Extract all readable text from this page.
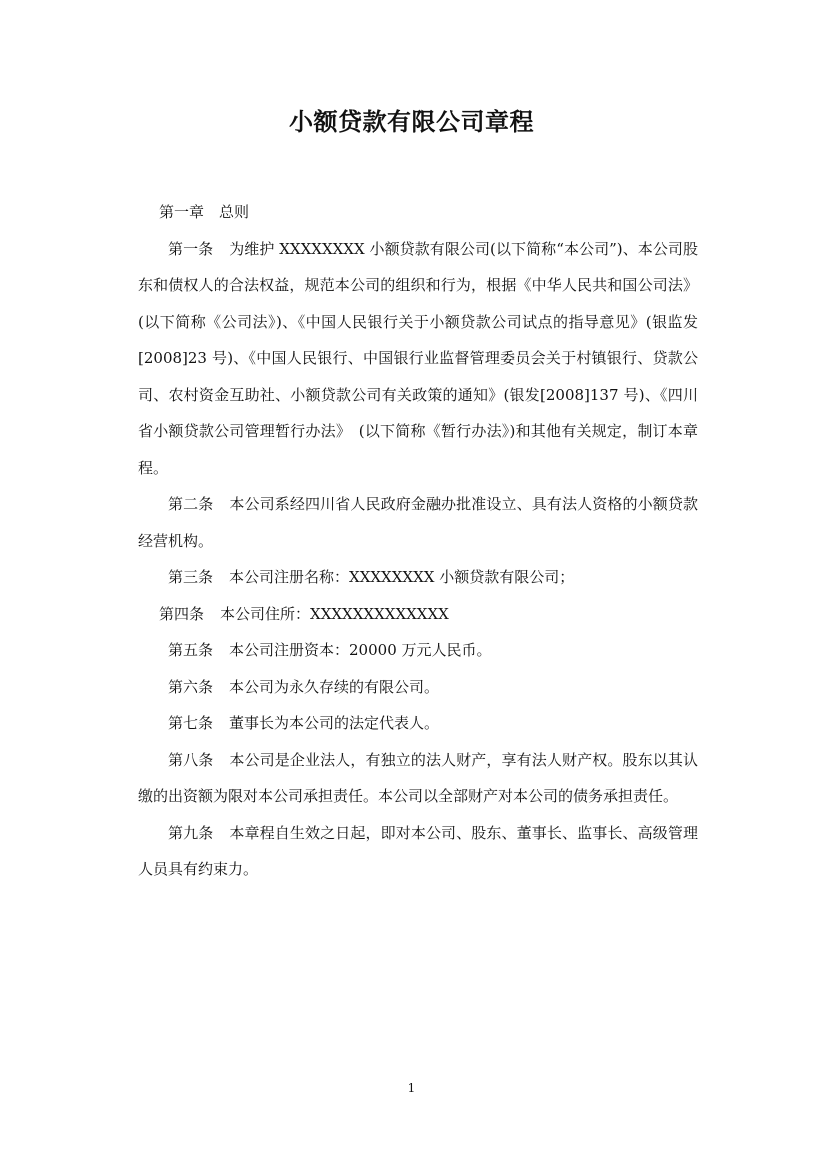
小额贷款有限公司章程

第一章　总则

第一条 为维护 XXXXXXXX 小额贷款有限公司(以下简称“本公司”)、本公司股东和债权人的合法权益，规范本公司的组织和行为，根据《中华人民共和国公司法》(以下简称《公司法》)、《中国人民银行关于小额贷款公司试点的指导意见》(银监发[2008]23 号)、《中国人民银行、中国银行业监督管理委员会关于村镇银行、贷款公司、农村资金互助社、小额贷款公司有关政策的通知》(银发[2008]137 号)、《四川省小额贷款公司管理暂行办法》　(以下简称《暂行办法》)和其他有关规定，制订本章程。

第二条 本公司系经四川省人民政府金融办批准设立、具有法人资格的小额贷款经营机构。

第三条 本公司注册名称：XXXXXXXX 小额贷款有限公司；

第四条 本公司住所：XXXXXXXXXXXXX

第五条 本公司注册资本：20000 万元人民币。

第六条 本公司为永久存续的有限公司。

第七条 董事长为本公司的法定代表人。

第八条 本公司是企业法人，有独立的法人财产，享有法人财产权。股东以其认缴的出资额为限对本公司承担责任。本公司以全部财产对本公司的债务承担责任。

第九条 本章程自生效之日起，即对本公司、股东、董事长、监事长、高级管理人员具有约束力。

1
